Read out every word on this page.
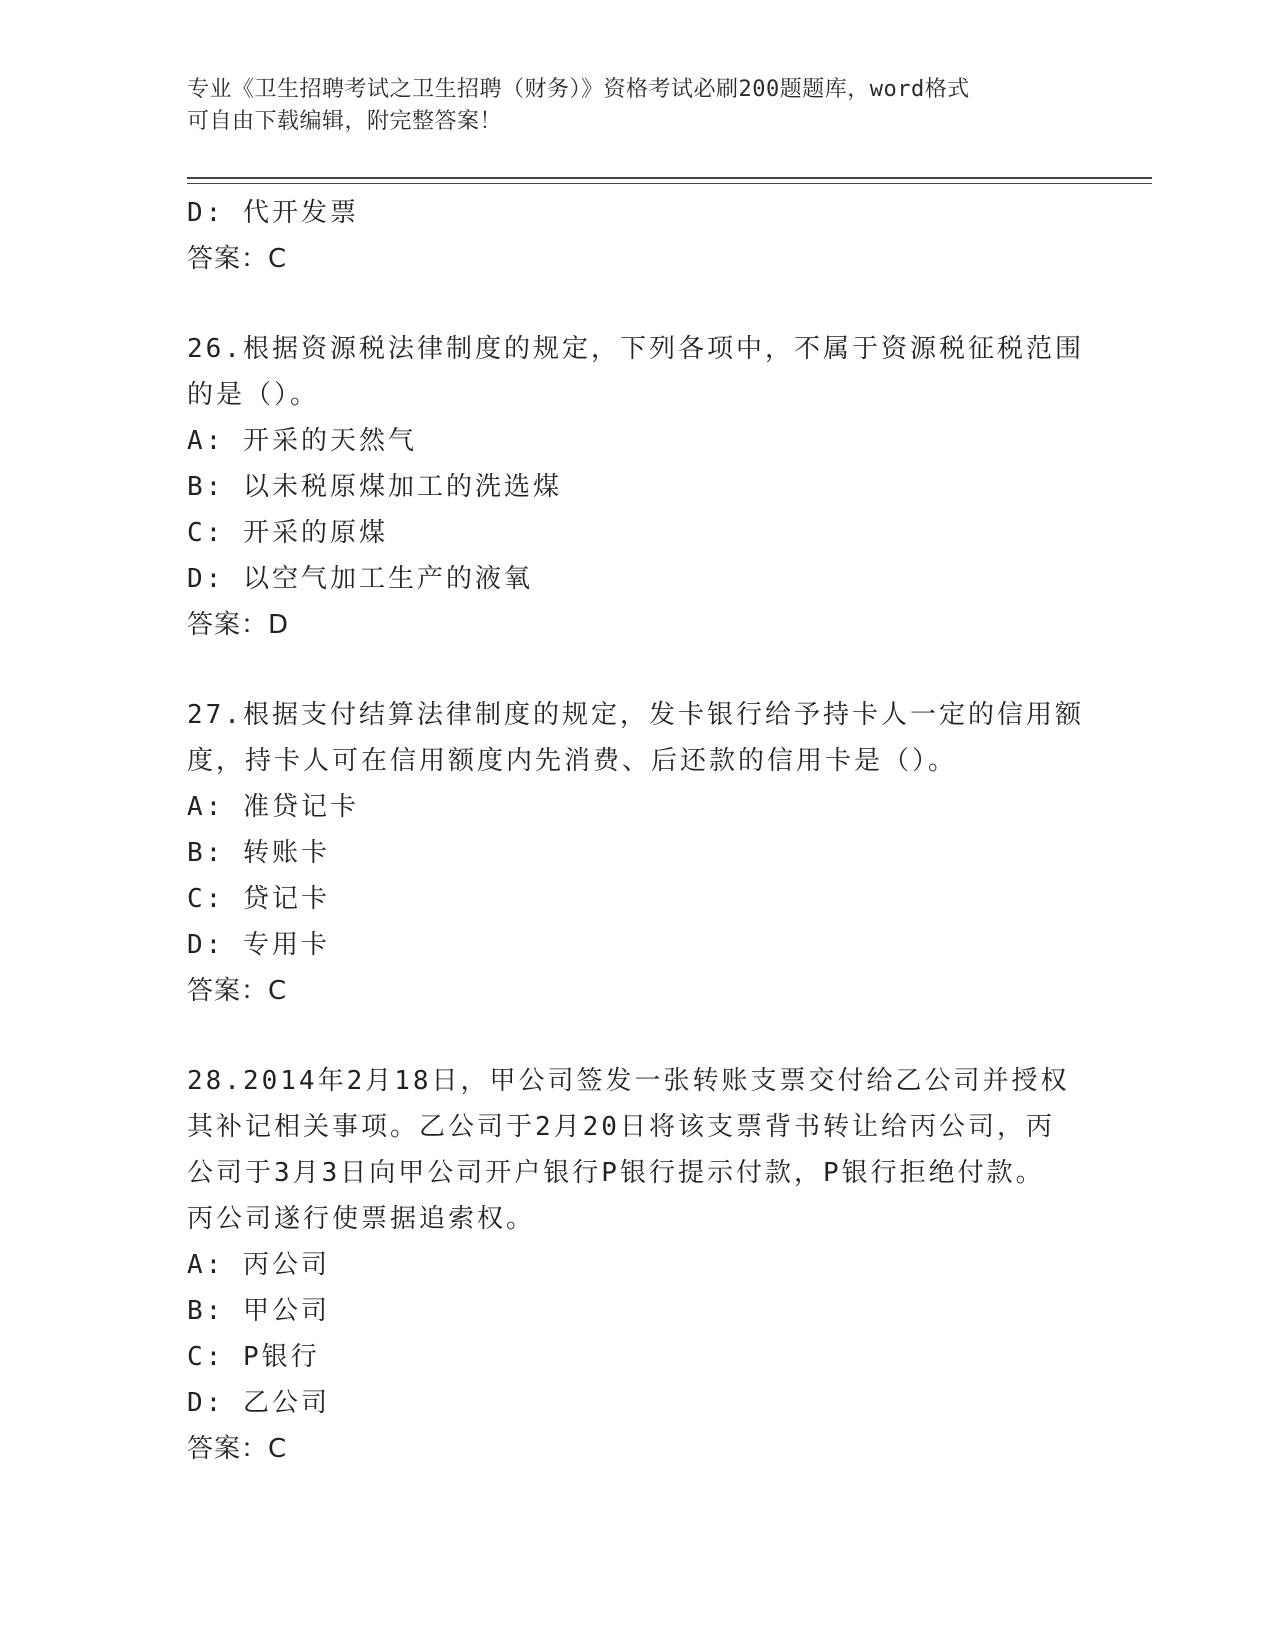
专业《卫生招聘考试之卫生招聘（财务）》资格考试必刷200题题库，word格式
可自由下载编辑，附完整答案！
D: 代开发票
答案：C
26.根据资源税法律制度的规定，下列各项中，不属于资源税征税范围
的是（）。
A: 开采的天然气
B: 以未税原煤加工的洗选煤
C: 开采的原煤
D: 以空气加工生产的液氧
答案：D
27.根据支付结算法律制度的规定，发卡银行给予持卡人一定的信用额
度，持卡人可在信用额度内先消费、后还款的信用卡是（）。
A: 准贷记卡
B: 转账卡
C: 贷记卡
D: 专用卡
答案：C
28.2014年2月18日，甲公司签发一张转账支票交付给乙公司并授权
其补记相关事项。乙公司于2月20日将该支票背书转让给丙公司，丙
公司于3月3日向甲公司开户银行P银行提示付款，P银行拒绝付款。
丙公司遂行使票据追索权。
A: 丙公司
B: 甲公司
C: P银行
D: 乙公司
答案：C
